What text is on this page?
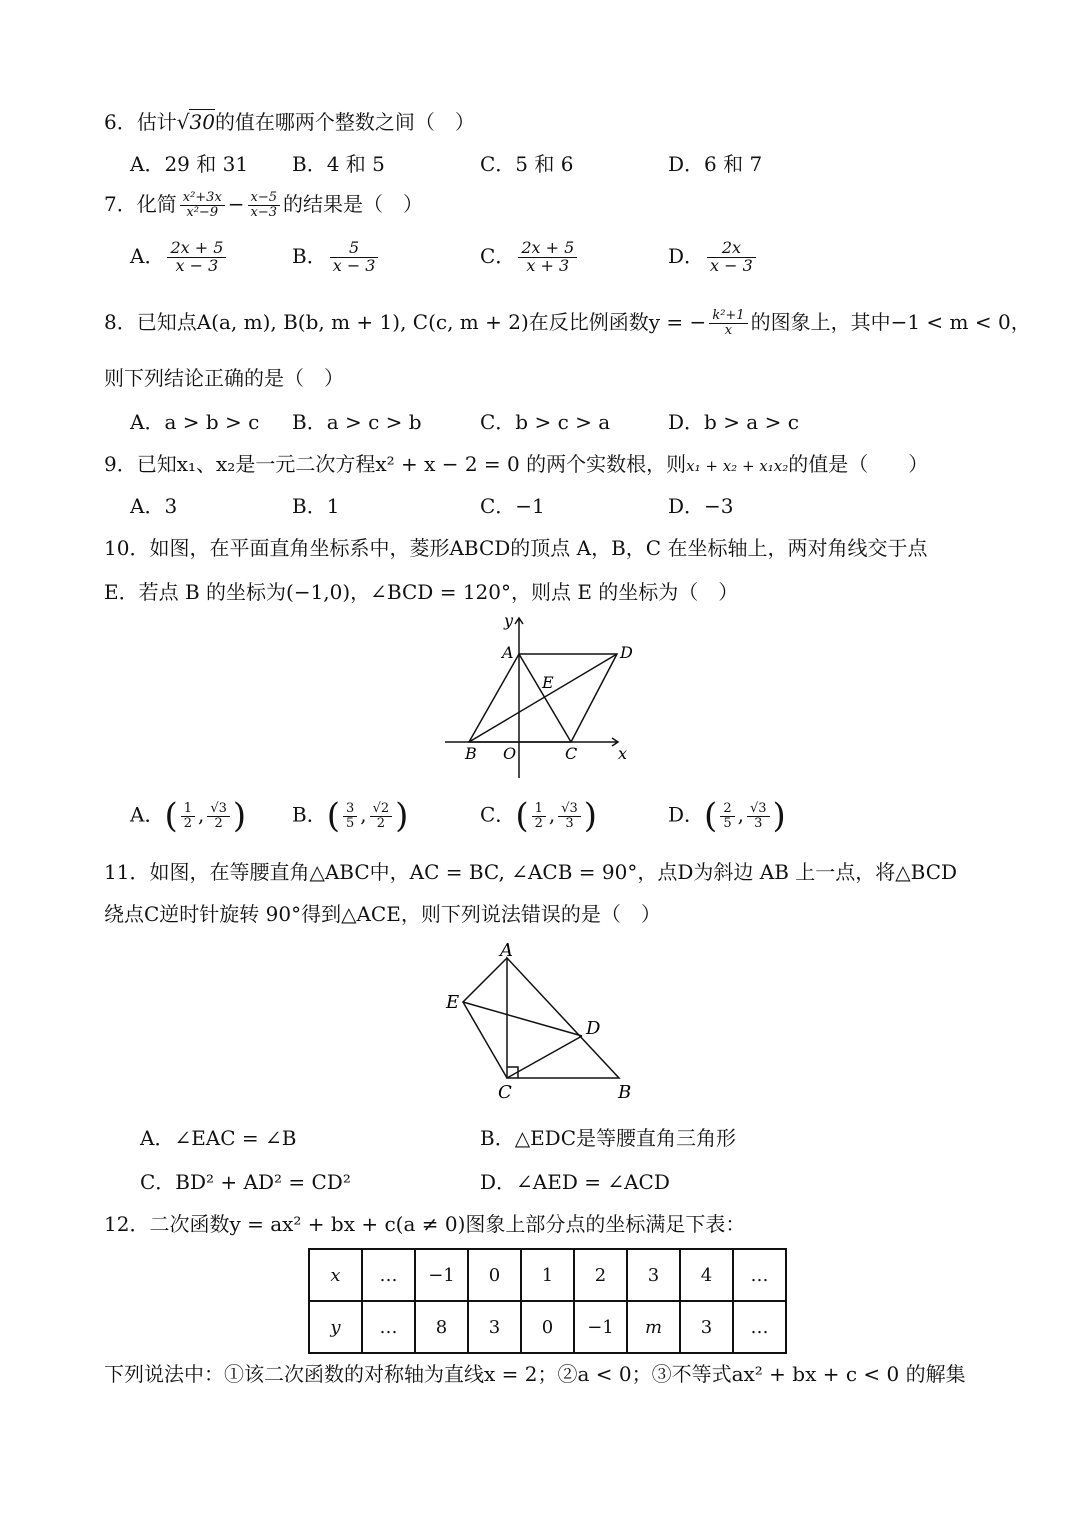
6．估计√30的值在哪两个整数之间（　）
A．29 和 31 B．4 和 5	C．5 和 6	D．6 和 7
7．化简 $\frac{\text{x²+3x}}{\text{x²−9}} - \frac{x-5}{x-3}$ 的结果是（　）
A． $\frac{2x + 5}{x - 3}$	B． $\frac{5}{x - 3}$	C． $\frac{2x + 5}{x + 3}$	D． $\frac{2x}{x - 3}$
8．已知点A(a, m), B(b, m + 1), C(c, m + 2)在反比例函数y = − $\frac{\text{k²+1}}{x}$ 的图象上，其中−1 < m < 0，
则下列结论正确的是（　）
A．a > b > c B．a > c > b	C．b > c > a	D．b > a > c
9．已知x₁、x₂是一元二次方程x² + x − 2 = 0 的两个实数根，则x₁ + x₂ + x₁x₂的值是（　　）
A．3	B．1	C．−1	D．−3
10．如图，在平面直角坐标系中，菱形ABCD的顶点 A，B，C 在坐标轴上，两对角线交于点
E．若点 B 的坐标为(−1,0)，∠BCD = 120°，则点 E 的坐标为（　）
y
A	D
E
B O	C	x
A．( $\frac{1}{2}$ , $\frac{√3}{2}$ ) B．( $\frac{3}{5}$ , $\frac{√2}{2}$ )	C．( $\frac{1}{2}$ , $\frac{√3}{3}$ )	D．( $\frac{2}{5}$ , $\frac{√3}{3}$ )
11．如图，在等腰直角△ABC中，AC = BC, ∠ACB = 90°，点D为斜边 AB 上一点，将△BCD
绕点C逆时针旋转 90°得到△ACE，则下列说法错误的是（　）
A
E
D
C	B
A．∠EAC = ∠B	B．△EDC是等腰直角三角形
C．BD² + AD² = CD²	D．∠AED = ∠ACD
12．二次函数y = ax² + bx + c(a ≠ 0)图象上部分点的坐标满足下表：
x	…	−1	0	1	2	3	4	…
y	…	8	3	0	−1	m	3	…
下列说法中：①该二次函数的对称轴为直线x = 2；②a < 0；③不等式ax² + bx + c < 0 的解集
